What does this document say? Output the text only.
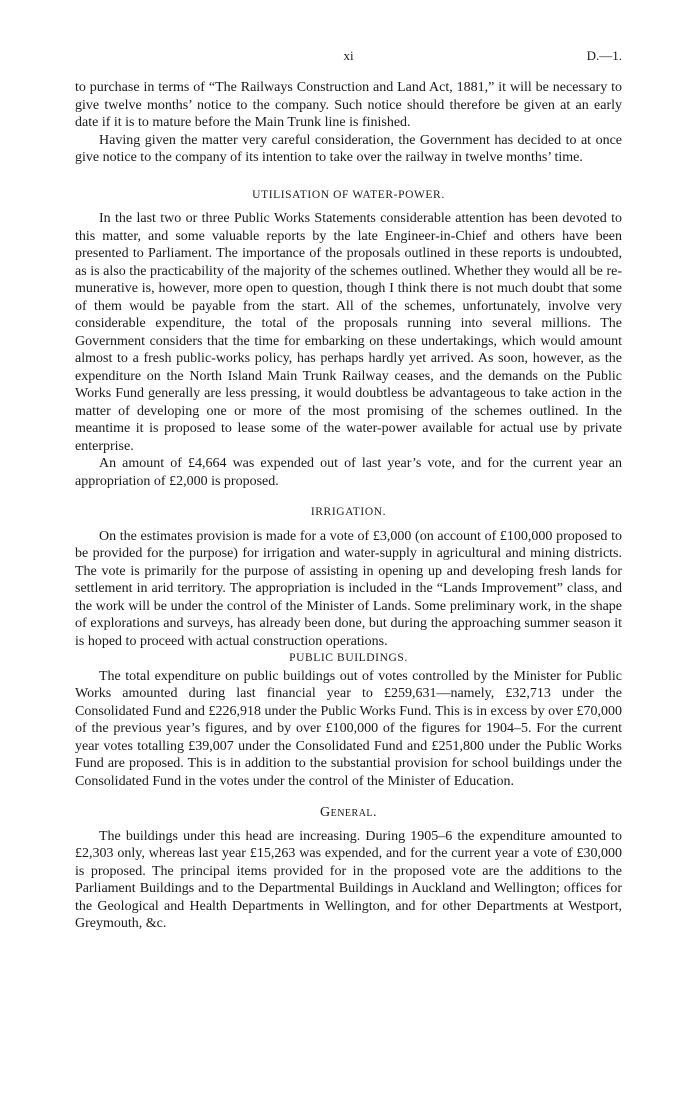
xi	D.—1.

to purchase in terms of “The Railways Construction and Land Act, 1881,” it will be necessary to give twelve months’ notice to the company. Such notice should therefore be given at an early date if it is to mature before the Main Trunk line is finished.

Having given the matter very careful consideration, the Government has decided to at once give notice to the company of its intention to take over the railway in twelve months’ time.

UTILISATION OF WATER-POWER.

In the last two or three Public Works Statements considerable attention has been devoted to this matter, and some valuable reports by the late Engineer-in-Chief and others have been presented to Parliament. The importance of the proposals outlined in these reports is undoubted, as is also the practicability of the majority of the schemes outlined. Whether they would all be remunerative is, however, more open to question, though I think there is not much doubt that some of them would be payable from the start. All of the schemes, unfortunately, involve very considerable expenditure, the total of the proposals running into several millions. The Government considers that the time for embarking on these undertakings, which would amount almost to a fresh public-works policy, has perhaps hardly yet arrived. As soon, however, as the expenditure on the North Island Main Trunk Railway ceases, and the demands on the Public Works Fund generally are less pressing, it would doubtless be advantageous to take action in the matter of developing one or more of the most promising of the schemes outlined. In the meantime it is proposed to lease some of the water-power available for actual use by private enterprise.

An amount of £4,664 was expended out of last year’s vote, and for the current year an appropriation of £2,000 is proposed.

IRRIGATION.

On the estimates provision is made for a vote of £3,000 (on account of £100,000 proposed to be provided for the purpose) for irrigation and water-supply in agricultural and mining districts. The vote is primarily for the purpose of assisting in opening up and developing fresh lands for settlement in arid territory. The appropriation is included in the “Lands Improvement” class, and the work will be under the control of the Minister of Lands. Some preliminary work, in the shape of explorations and surveys, has already been done, but during the approaching summer season it is hoped to proceed with actual construction operations.

PUBLIC BUILDINGS.

The total expenditure on public buildings out of votes controlled by the Minister for Public Works amounted during last financial year to £259,631—namely, £32,713 under the Consolidated Fund and £226,918 under the Public Works Fund. This is in excess by over £70,000 of the previous year’s figures, and by over £100,000 of the figures for 1904–5. For the current year votes totalling £39,007 under the Consolidated Fund and £251,800 under the Public Works Fund are proposed. This is in addition to the substantial provision for school buildings under the Consolidated Fund in the votes under the control of the Minister of Education.

General.

The buildings under this head are increasing. During 1905–6 the expenditure amounted to £2,303 only, whereas last year £15,263 was expended, and for the current year a vote of £30,000 is proposed. The principal items provided for in the proposed vote are the additions to the Parliament Buildings and to the Departmental Buildings in Auckland and Wellington; offices for the Geological and Health Departments in Wellington, and for other Departments at Westport, Greymouth, &c.
